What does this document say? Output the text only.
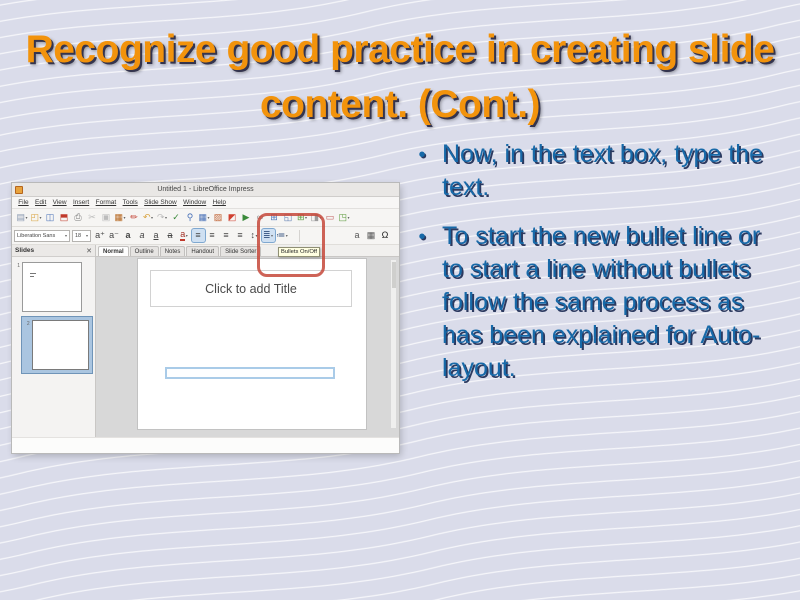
Recognize good practice in creating slide content. (Cont.)
• Now, in the text box, type the text.
• To start the new bullet line or to start a line without bullets follow the same process as has been explained for Auto-layout.
Untitled 1 - LibreOffice Impress
File Edit View Insert Format Tools Slide Show Window Help
▤ ▾ ◰ ▾ ◫ ⬒ ⎙ ✂ ▣ ▦ ▾ ✏ ↶ ▾ ↷ ▾ ✓ ⚲ ▦ ▾ ▨ ◩ ▶ ∞ ⊞ ◱ ⊞ ▾ ◨ ▾ ▭ ◳ ▾
Liberation Sans	▾ 18	▾ a⁺ a⁻ a a a a a ▾ ≡ ≡ ≡ ≡ ↕ ▾ ≣ ▾ ≔ ▾	a ▦ Ω
Slides	✕
1
2
Normal	Outline	Notes	Handout	Slide Sorter
Click to add Title
Bullets On/Off
